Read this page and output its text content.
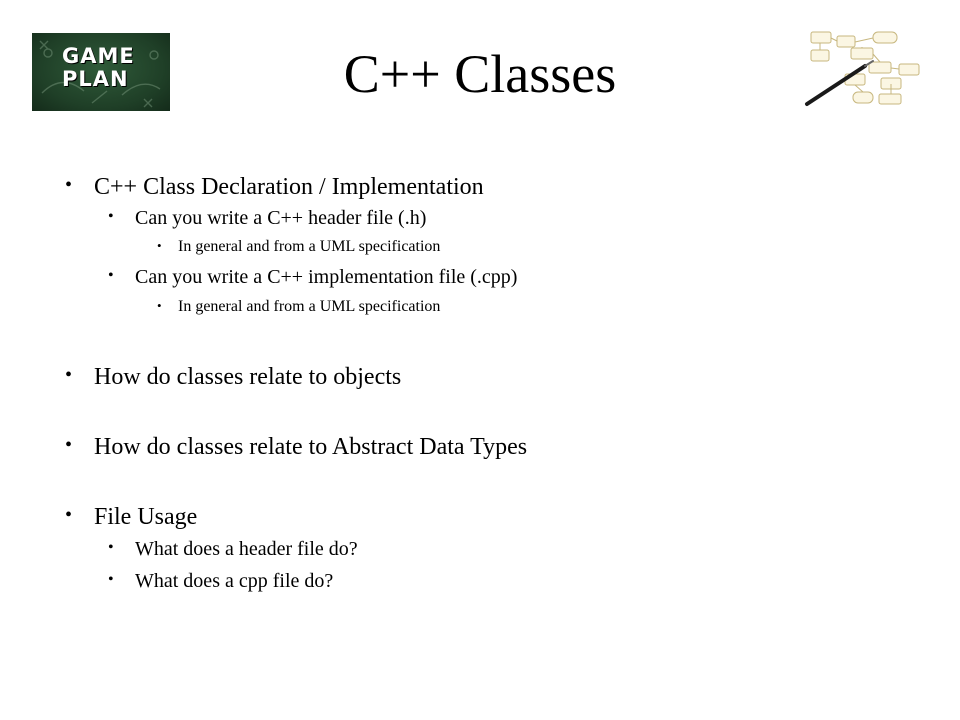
GAME
PLAN	C++ Classes
• C++ Class Declaration / Implementation
• Can you write a C++ header file (.h)
• In general and from a UML specification
• Can you write a C++ implementation file (.cpp)
• In general and from a UML specification
• How do classes relate to objects
• How do classes relate to Abstract Data Types
• File Usage
• What does a header file do?
• What does a cpp file do?
